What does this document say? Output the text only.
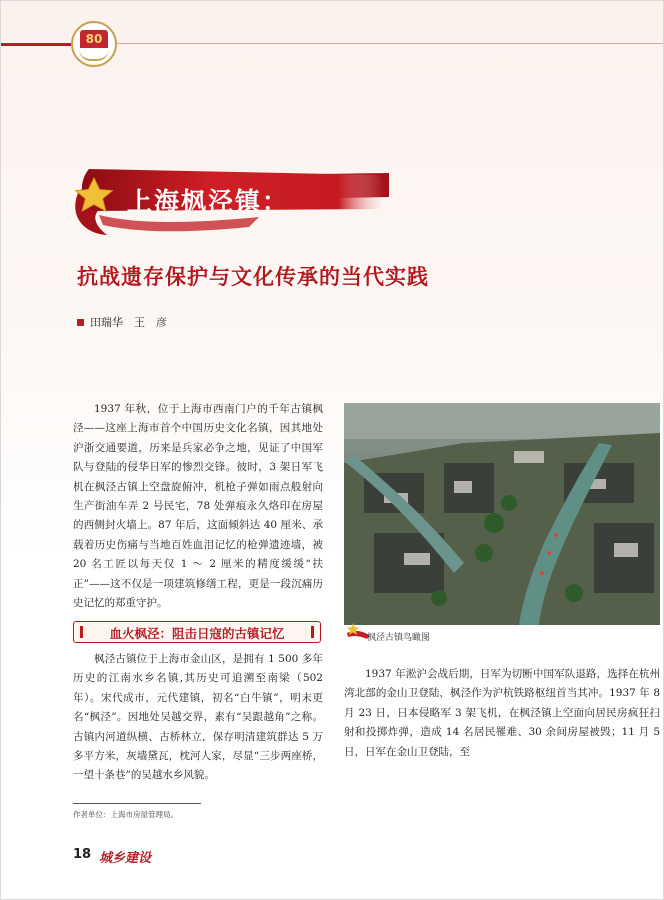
80
上海枫泾镇：
抗战遗存保护与文化传承的当代实践
田瑞华　王　彦

1937 年秋，位于上海市西南门户的千年古镇枫泾——这座上海市首个中国历史文化名镇，因其地处沪浙交通要道，历来是兵家必争之地，见证了中国军队与登陆的侵华日军的惨烈交锋。彼时，3 架日军飞机在枫泾古镇上空盘旋俯冲，机枪子弹如雨点般射向生产街油车弄 2 号民宅，78 处弹痕永久烙印在房屋的西侧封火墙上。87 年后，这面倾斜达 40 厘米、承载着历史伤痛与当地百姓血泪记忆的枪弹遗迹墙，被 20 名工匠以每天仅 1 ～ 2 厘米的精度缓缓“扶正”——这不仅是一项建筑修缮工程，更是一段沉痛历史记忆的郑重守护。

枫泾古镇鸟瞰图
血火枫泾：阻击日寇的古镇记忆

枫泾古镇位于上海市金山区，是拥有 1 500 多年历史的江南水乡名镇,其历史可追溯至南梁（502 年）。宋代成市，元代建镇，初名“白牛镇”，明末更名“枫泾”。因地处吴越交界，素有“吴跟越角”之称。古镇内河道纵横、古桥林立，保存明清建筑群达 5 万多平方米，灰墙黛瓦，枕河人家，尽显“三步两座桥，一望十条巷”的吴越水乡风貌。

1937 年淞沪会战后期，日军为切断中国军队退路，选择在杭州湾北部的金山卫登陆，枫泾作为沪杭铁路枢纽首当其冲。1937 年 8 月 23 日，日本侵略军 3 架飞机，在枫泾镇上空面向居民房疯狂扫射和投掷炸弹，造成 14 名居民罹难、30 余间房屋被毁；11 月 5 日，日军在金山卫登陆，至

作者单位：上海市房屋管理局。
18 城乡建设
